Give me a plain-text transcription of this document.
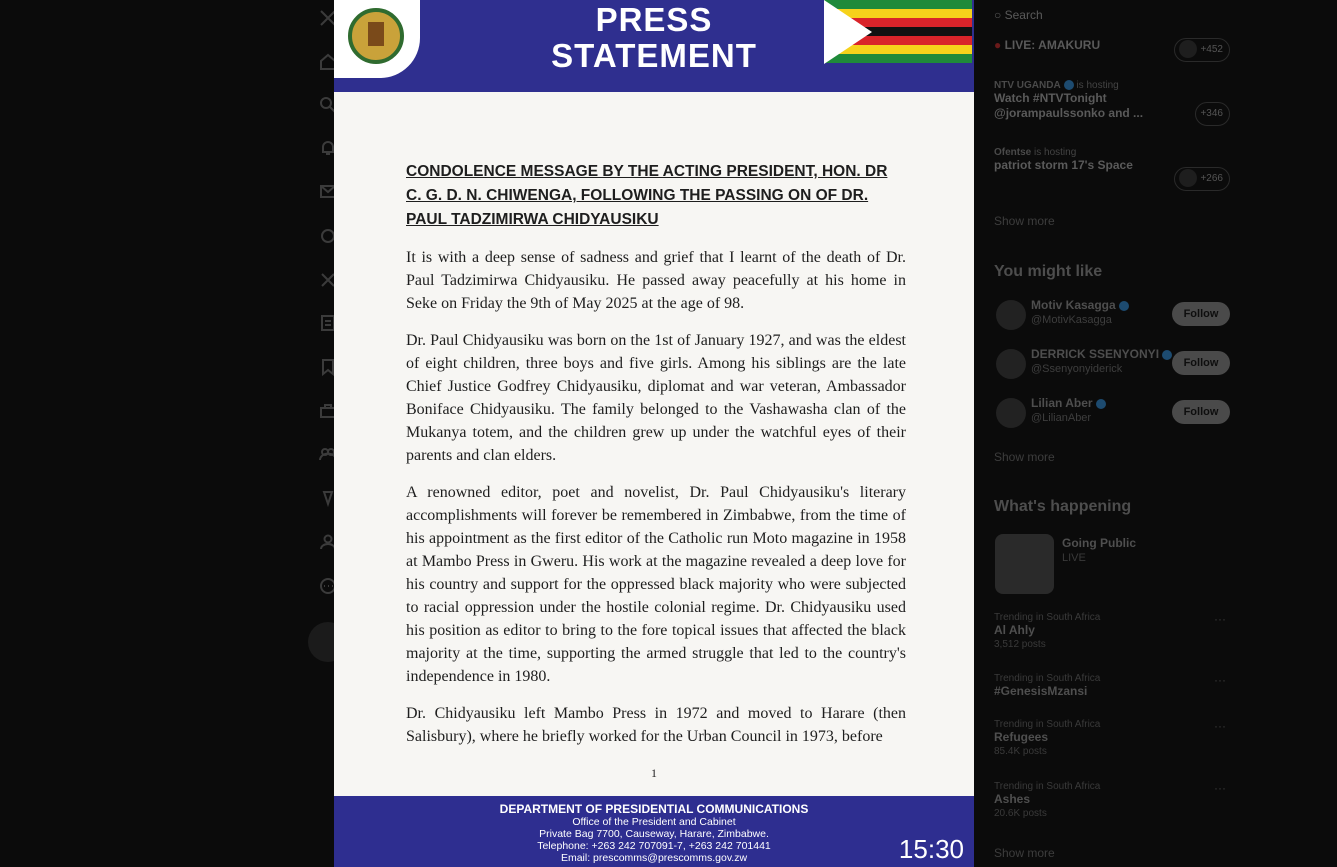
PRESS
STATEMENT
CONDOLENCE MESSAGE BY THE ACTING PRESIDENT, HON. DR C. G. D. N. CHIWENGA, FOLLOWING THE PASSING ON OF DR. PAUL TADZIMIRWA CHIDYAUSIKU
It is with a deep sense of sadness and grief that I learnt of the death of Dr. Paul Tadzimirwa Chidyausiku. He passed away peacefully at his home in Seke on Friday the 9th of May 2025 at the age of 98.
Dr. Paul Chidyausiku was born on the 1st of January 1927, and was the eldest of eight children, three boys and five girls. Among his siblings are the late Chief Justice Godfrey Chidyausiku, diplomat and war veteran, Ambassador Boniface Chidyausiku. The family belonged to the Vashawasha clan of the Mukanya totem, and the children grew up under the watchful eyes of their parents and clan elders.
A renowned editor, poet and novelist, Dr. Paul Chidyausiku's literary accomplishments will forever be remembered in Zimbabwe, from the time of his appointment as the first editor of the Catholic run Moto magazine in 1958 at Mambo Press in Gweru. His work at the magazine revealed a deep love for his country and support for the oppressed black majority who were subjected to racial oppression under the hostile colonial regime. Dr. Chidyausiku used his position as editor to bring to the fore topical issues that affected the black majority at the time, supporting the armed struggle that led to the country's independence in 1980.
Dr. Chidyausiku left Mambo Press in 1972 and moved to Harare (then Salisbury), where he briefly worked for the Urban Council in 1973, before
1
DEPARTMENT OF PRESIDENTIAL COMMUNICATIONS
Office of the President and Cabinet
Private Bag 7700, Causeway, Harare, Zimbabwe.
Telephone: +263 242 707091-7, +263 242 701441
Email: prescomms@prescomms.gov.zw	15:30
○ Search
● LIVE: AMAKURU	+452
NTV UGANDA is hosting
Watch #NTVTonight @jorampaulssonko and ...	+346
Ofentse is hosting
patriot storm 17's Space
+266
Show more
You might like
Motiv Kasagga
@MotivKasagga	Follow
DERRICK SSENYONYI
@Ssenyonyiderick	Follow
Lilian Aber
@LilianAber	Follow
Show more
What's happening
Going Public
LIVE
Trending in South Africa
Al Ahly
3,512 posts
···
Trending in South Africa
#GenesisMzansi
···
Trending in South Africa
Refugees
85.4K posts
···
Trending in South Africa
Ashes
20.6K posts
···
Show more
